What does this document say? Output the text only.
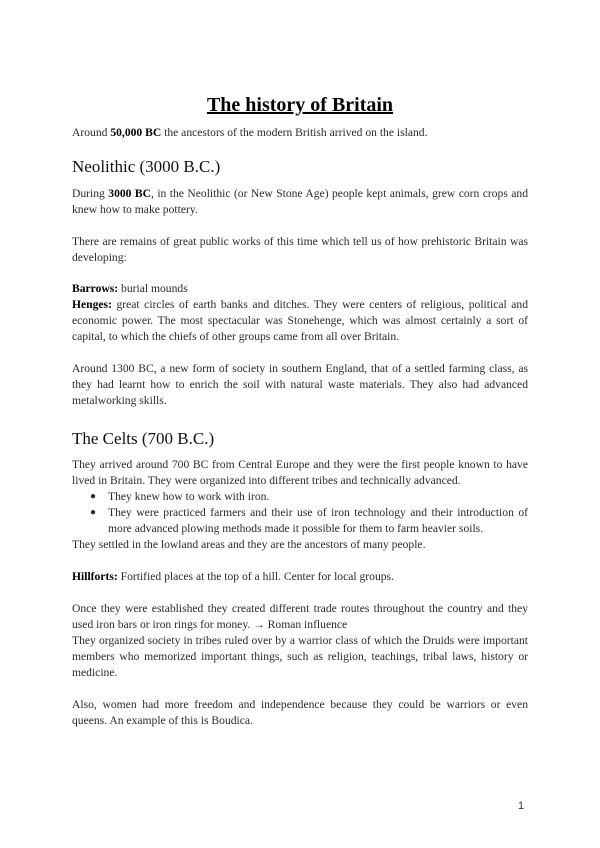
The history of Britain
Around 50,000 BC the ancestors of the modern British arrived on the island.
Neolithic (3000 B.C.)
During 3000 BC, in the Neolithic (or New Stone Age) people kept animals, grew corn crops and knew how to make pottery.
There are remains of great public works of this time which tell us of how prehistoric Britain was developing:
Barrows: burial mounds
Henges: great circles of earth banks and ditches. They were centers of religious, political and economic power. The most spectacular was Stonehenge, which was almost certainly a sort of capital, to which the chiefs of other groups came from all over Britain.
Around 1300 BC, a new form of society in southern England, that of a settled farming class, as they had learnt how to enrich the soil with natural waste materials. They also had advanced metalworking skills.
The Celts (700 B.C.)
They arrived around 700 BC from Central Europe and they were the first people known to have lived in Britain. They were organized into different tribes and technically advanced.
● They knew how to work with iron.
● They were practiced farmers and their use of iron technology and their introduction of more advanced plowing methods made it possible for them to farm heavier soils.
They settled in the lowland areas and they are the ancestors of many people.
Hillforts: Fortified places at the top of a hill. Center for local groups.
Once they were established they created different trade routes throughout the country and they used iron bars or iron rings for money. → Roman influence
They organized society in tribes ruled over by a warrior class of which the Druids were important members who memorized important things, such as religion, teachings, tribal laws, history or medicine.
Also, women had more freedom and independence because they could be warriors or even queens. An example of this is Boudica.
1
